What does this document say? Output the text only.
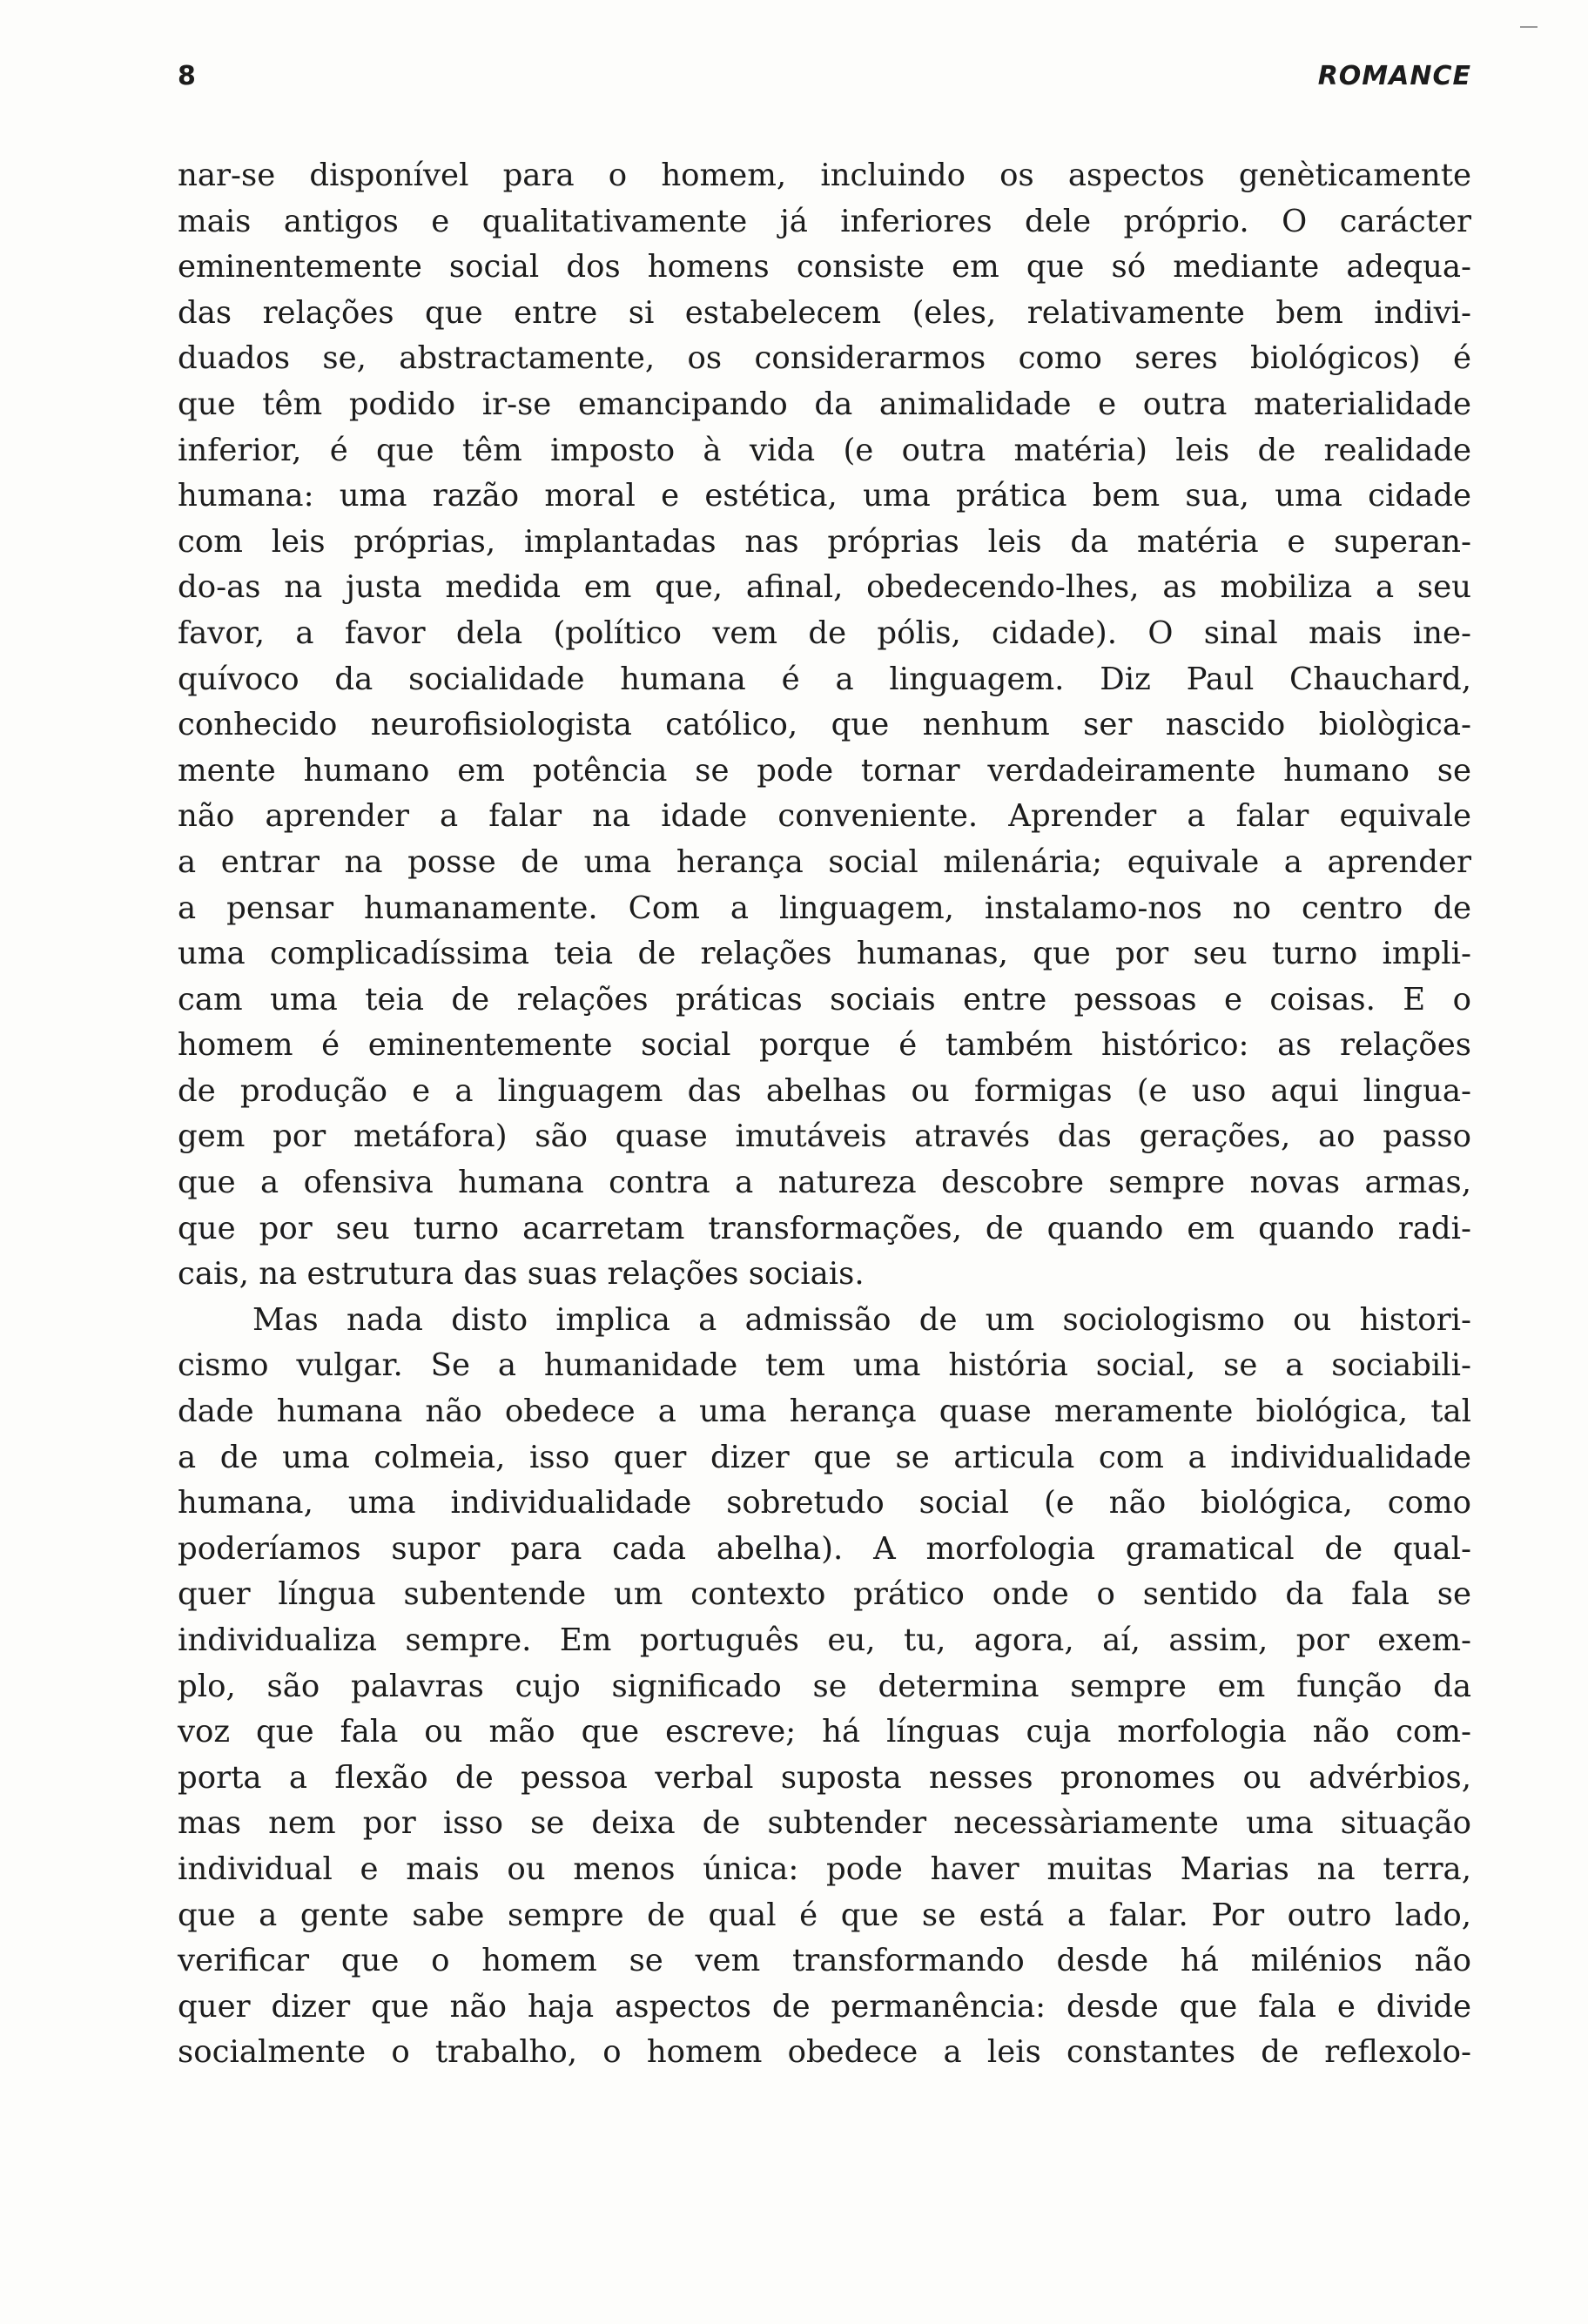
8	ROMANCE

nar-se disponível para o homem, incluindo os aspectos genèticamente
mais antigos e qualitativamente já inferiores dele próprio. O carácter
eminentemente social dos homens consiste em que só mediante adequa-
das relações que entre si estabelecem (eles, relativamente bem indivi-
duados se, abstractamente, os considerarmos como seres biológicos) é
que têm podido ir-se emancipando da animalidade e outra materialidade
inferior, é que têm imposto à vida (e outra matéria) leis de realidade
humana: uma razão moral e estética, uma prática bem sua, uma cidade
com leis próprias, implantadas nas próprias leis da matéria e superan-
do-as na justa medida em que, afinal, obedecendo-lhes, as mobiliza a seu
favor, a favor dela (político vem de pólis, cidade). O sinal mais ine-
quívoco da socialidade humana é a linguagem. Diz Paul Chauchard,
conhecido neurofisiologista católico, que nenhum ser nascido biològica-
mente humano em potência se pode tornar verdadeiramente humano se
não aprender a falar na idade conveniente. Aprender a falar equivale
a entrar na posse de uma herança social milenária; equivale a aprender
a pensar humanamente. Com a linguagem, instalamo-nos no centro de
uma complicadíssima teia de relações humanas, que por seu turno impli-
cam uma teia de relações práticas sociais entre pessoas e coisas. E o
homem é eminentemente social porque é também histórico: as relações
de produção e a linguagem das abelhas ou formigas (e uso aqui lingua-
gem por metáfora) são quase imutáveis através das gerações, ao passo
que a ofensiva humana contra a natureza descobre sempre novas armas,
que por seu turno acarretam transformações, de quando em quando radi-
cais, na estrutura das suas relações sociais.

Mas nada disto implica a admissão de um sociologismo ou histori-
cismo vulgar. Se a humanidade tem uma história social, se a sociabili-
dade humana não obedece a uma herança quase meramente biológica, tal
a de uma colmeia, isso quer dizer que se articula com a individualidade
humana, uma individualidade sobretudo social (e não biológica, como
poderíamos supor para cada abelha). A morfologia gramatical de qual-
quer língua subentende um contexto prático onde o sentido da fala se
individualiza sempre. Em português eu, tu, agora, aí, assim, por exem-
plo, são palavras cujo significado se determina sempre em função da
voz que fala ou mão que escreve; há línguas cuja morfologia não com-
porta a flexão de pessoa verbal suposta nesses pronomes ou advérbios,
mas nem por isso se deixa de subtender necessàriamente uma situação
individual e mais ou menos única: pode haver muitas Marias na terra,
que a gente sabe sempre de qual é que se está a falar. Por outro lado,
verificar que o homem se vem transformando desde há milénios não
quer dizer que não haja aspectos de permanência: desde que fala e divide
socialmente o trabalho, o homem obedece a leis constantes de reflexolo-
